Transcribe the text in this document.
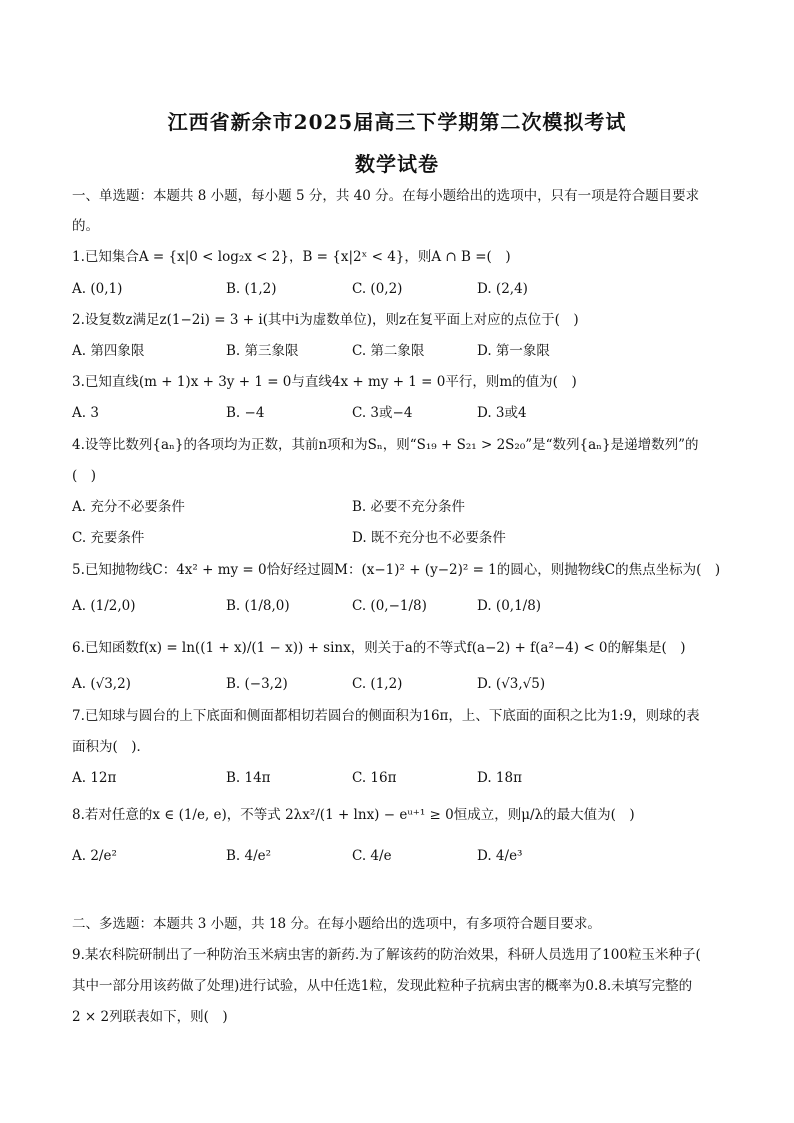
江西省新余市2025届高三下学期第二次模拟考试
数学试卷
一、单选题：本题共 8 小题，每小题 5 分，共 40 分。在每小题给出的选项中，只有一项是符合题目要求
的。
1.已知集合A = {x|0 < log₂x < 2}，B = {x|2ˣ < 4}，则A ∩ B =(　)
A. (0,1)	B. (1,2)	C. (0,2)	D. (2,4)
2.设复数z满足z(1−2i) = 3 + i(其中i为虚数单位)，则z在复平面上对应的点位于(　)
A. 第四象限	B. 第三象限	C. 第二象限	D. 第一象限
3.已知直线(m + 1)x + 3y + 1 = 0与直线4x + my + 1 = 0平行，则m的值为(　)
A. 3	B. −4	C. 3或−4	D. 3或4
4.设等比数列{aₙ}的各项均为正数，其前n项和为Sₙ，则“S₁₉ + S₂₁ > 2S₂₀”是“数列{aₙ}是递增数列”的
(　)
A. 充分不必要条件	B. 必要不充分条件
C. 充要条件	D. 既不充分也不必要条件
5.已知抛物线C：4x² + my = 0恰好经过圆M：(x−1)² + (y−2)² = 1的圆心，则抛物线C的焦点坐标为(　)
A. (1/2,0)	B. (1/8,0)	C. (0,−1/8)	D. (0,1/8)
6.已知函数f(x) = ln((1 + x)/(1 − x)) + sinx，则关于a的不等式f(a−2) + f(a²−4) < 0的解集是(　)
A. (√3,2)	B. (−3,2)	C. (1,2)	D. (√3,√5)
7.已知球与圆台的上下底面和侧面都相切若圆台的侧面积为16π，上、下底面的面积之比为1:9，则球的表
面积为(　)．
A. 12π	B. 14π	C. 16π	D. 18π
8.若对任意的x ∈ (1/e, e)，不等式 2λx²/(1 + lnx) − eᵘ⁺¹ ≥ 0恒成立，则μ/λ的最大值为(　)
A. 2/e²	B. 4/e²	C. 4/e	D. 4/e³
二、多选题：本题共 3 小题，共 18 分。在每小题给出的选项中，有多项符合题目要求。
9.某农科院研制出了一种防治玉米病虫害的新药.为了解该药的防治效果，科研人员选用了100粒玉米种子(
其中一部分用该药做了处理)进行试验，从中任选1粒，发现此粒种子抗病虫害的概率为0.8.未填写完整的
2 × 2列联表如下，则(　)
